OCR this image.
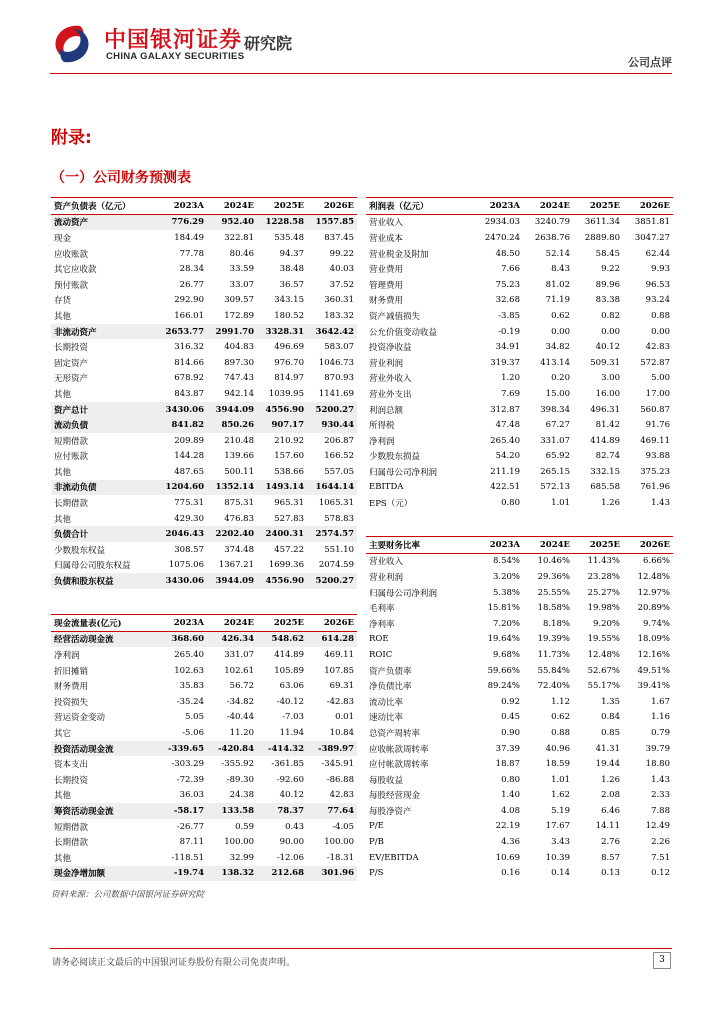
中国银河证券
CHINA GALAXY SECURITIES
研究院
公司点评
附录:
（一）公司财务预测表
资产负债表（亿元）	2023A	2024E	2025E	2026E
流动资产	776.29	952.40	1228.58	1557.85
现金	184.49	322.81	535.48	837.45
应收账款	77.78	80.46	94.37	99.22
其它应收款	28.34	33.59	38.48	40.03
预付账款	26.77	33.07	36.57	37.52
存货	292.90	309.57	343.15	360.31
其他	166.01	172.89	180.52	183.32
非流动资产	2653.77	2991.70	3328.31	3642.42
长期投资	316.32	404.83	496.69	583.07
固定资产	814.66	897.30	976.70	1046.73
无形资产	678.92	747.43	814.97	870.93
其他	843.87	942.14	1039.95	1141.69
资产总计	3430.06	3944.09	4556.90	5200.27
流动负债	841.82	850.26	907.17	930.44
短期借款	209.89	210.48	210.92	206.87
应付账款	144.28	139.66	157.60	166.52
其他	487.65	500.11	538.66	557.05
非流动负债	1204.60	1352.14	1493.14	1644.14
长期借款	775.31	875.31	965.31	1065.31
其他	429.30	476.83	527.83	578.83
负债合计	2046.43	2202.40	2400.31	2574.57
少数股东权益	308.57	374.48	457.22	551.10
归属母公司股东权益	1075.06	1367.21	1699.36	2074.59
负债和股东权益	3430.06	3944.09	4556.90	5200.27
利润表（亿元）	2023A	2024E	2025E	2026E
营业收入	2934.03	3240.79	3611.34	3851.81
营业成本	2470.24	2638.76	2889.80	3047.27
营业税金及附加	48.50	52.14	58.45	62.44
营业费用	7.66	8.43	9.22	9.93
管理费用	75.23	81.02	89.96	96.53
财务费用	32.68	71.19	83.38	93.24
资产减值损失	-3.85	0.62	0.82	0.88
公允价值变动收益	-0.19	0.00	0.00	0.00
投资净收益	34.91	34.82	40.12	42.83
营业利润	319.37	413.14	509.31	572.87
营业外收入	1.20	0.20	3.00	5.00
营业外支出	7.69	15.00	16.00	17.00
利润总额	312.87	398.34	496.31	560.87
所得税	47.48	67.27	81.42	91.76
净利润	265.40	331.07	414.89	469.11
少数股东损益	54.20	65.92	82.74	93.88
归属母公司净利润	211.19	265.15	332.15	375.23
EBITDA	422.51	572.13	685.58	761.96
EPS（元）	0.80	1.01	1.26	1.43
现金流量表(亿元)	2023A	2024E	2025E	2026E
经营活动现金流	368.60	426.34	548.62	614.28
净利润	265.40	331.07	414.89	469.11
折旧摊销	102.63	102.61	105.89	107.85
财务费用	35.83	56.72	63.06	69.31
投资损失	-35.24	-34.82	-40.12	-42.83
营运资金变动	5.05	-40.44	-7.03	0.01
其它	-5.06	11.20	11.94	10.84
投资活动现金流	-339.65	-420.84	-414.32	-389.97
资本支出	-303.29	-355.92	-361.85	-345.91
长期投资	-72.39	-89.30	-92.60	-86.88
其他	36.03	24.38	40.12	42.83
筹资活动现金流	-58.17	133.58	78.37	77.64
短期借款	-26.77	0.59	0.43	-4.05
长期借款	87.11	100.00	90.00	100.00
其他	-118.51	32.99	-12.06	-18.31
现金净增加额	-19.74	138.32	212.68	301.96
主要财务比率	2023A	2024E	2025E	2026E
营业收入	8.54%	10.46%	11.43%	6.66%
营业利润	3.20%	29.36%	23.28%	12.48%
归属母公司净利润	5.38%	25.55%	25.27%	12.97%
毛利率	15.81%	18.58%	19.98%	20.89%
净利率	7.20%	8.18%	9.20%	9.74%
ROE	19.64%	19.39%	19.55%	18.09%
ROIC	9.68%	11.73%	12.48%	12.16%
资产负债率	59.66%	55.84%	52.67%	49.51%
净负债比率	89.24%	72.40%	55.17%	39.41%
流动比率	0.92	1.12	1.35	1.67
速动比率	0.45	0.62	0.84	1.16
总资产周转率	0.90	0.88	0.85	0.79
应收帐款周转率	37.39	40.96	41.31	39.79
应付帐款周转率	18.87	18.59	19.44	18.80
每股收益	0.80	1.01	1.26	1.43
每股经营现金	1.40	1.62	2.08	2.33
每股净资产	4.08	5.19	6.46	7.88
P/E	22.19	17.67	14.11	12.49
P/B	4.36	3.43	2.76	2.26
EV/EBITDA	10.69	10.39	8.57	7.51
P/S	0.16	0.14	0.13	0.12
资料来源：公司数据中国银河证券研究院
请务必阅读正文最后的中国银河证券股份有限公司免责声明。	3
